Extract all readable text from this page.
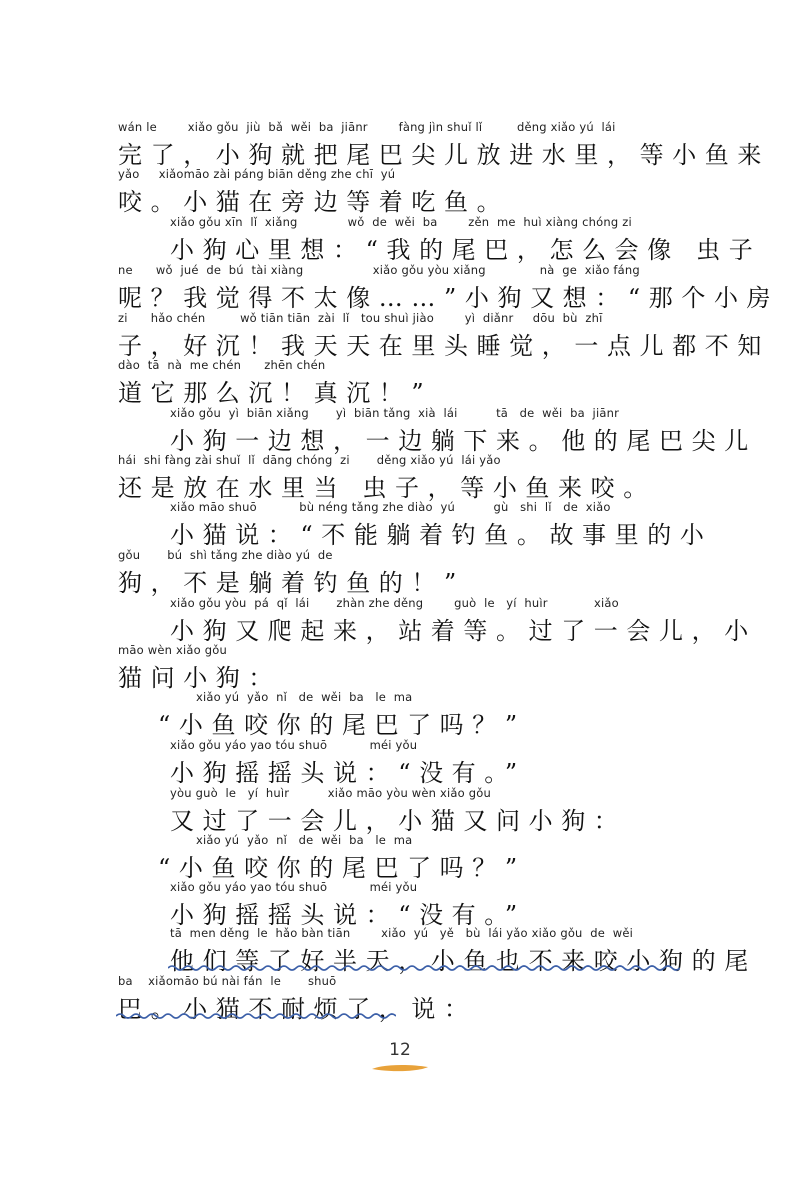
wán le        xiǎo gǒu  jiù  bǎ  wěi  ba  jiānr        fàng jìn shuǐ lǐ         děng xiǎo yú  lái
完了，小狗就把尾巴尖儿放进水里，等小鱼来
yǎo     xiǎomāo zài páng biān děng zhe chī  yú
咬。小猫在旁边等着吃鱼。
xiǎo gǒu xīn  lǐ  xiǎng             wǒ  de  wěi  ba        zěn  me  huì xiàng chóng zi
小狗心里想：“我的尾巴，怎么会像 虫子
ne      wǒ  jué  de  bú  tài xiàng                  xiǎo gǒu yòu xiǎng              nà  ge  xiǎo fáng
呢？我觉得不太像……”小狗又想：“那个小房
zi      hǎo chén         wǒ tiān tiān  zài  lǐ   tou shuì jiào        yì  diǎnr     dōu  bù  zhī
子，好沉！我天天在里头睡觉，一点儿都不知
dào  tā  nà  me chén      zhēn chén
道它那么沉！真沉！”
xiǎo gǒu  yì  biān xiǎng       yì  biān tǎng  xià  lái          tā   de  wěi  ba  jiānr
小狗一边想，一边躺下来。他的尾巴尖儿
hái  shi fàng zài shuǐ  lǐ  dāng chóng  zi       děng xiǎo yú  lái yǎo
还是放在水里当 虫子，等小鱼来咬。
xiǎo māo shuō           bù néng tǎng zhe diào  yú          gù   shi  lǐ   de  xiǎo
小猫说：“不能躺着钓鱼。故事里的小
gǒu       bú  shì tǎng zhe diào yú  de
狗，不是躺着钓鱼的！”
xiǎo gǒu yòu  pá  qǐ  lái       zhàn zhe děng        guò  le   yí  huìr            xiǎo
小狗又爬起来，站着等。过了一会儿，小
māo wèn xiǎo gǒu
猫问小狗：
xiǎo yú  yǎo  nǐ   de  wěi  ba   le  ma
“小鱼咬你的尾巴了吗？”
xiǎo gǒu yáo yao tóu shuō           méi yǒu
小狗摇摇头说：“没有。”
yòu guò  le   yí  huìr          xiǎo māo yòu wèn xiǎo gǒu
又过了一会儿，小猫又问小狗：
xiǎo yú  yǎo  nǐ   de  wěi  ba   le  ma
“小鱼咬你的尾巴了吗？”
xiǎo gǒu yáo yao tóu shuō           méi yǒu
小狗摇摇头说：“没有。”
tā  men děng  le  hǎo bàn tiān        xiǎo  yú   yě   bù  lái yǎo xiǎo gǒu  de  wěi
他们等了好半天，小鱼也不来咬小狗的尾
ba    xiǎomāo bú nài fán  le       shuō
巴。小猫不耐烦了，说：
12
